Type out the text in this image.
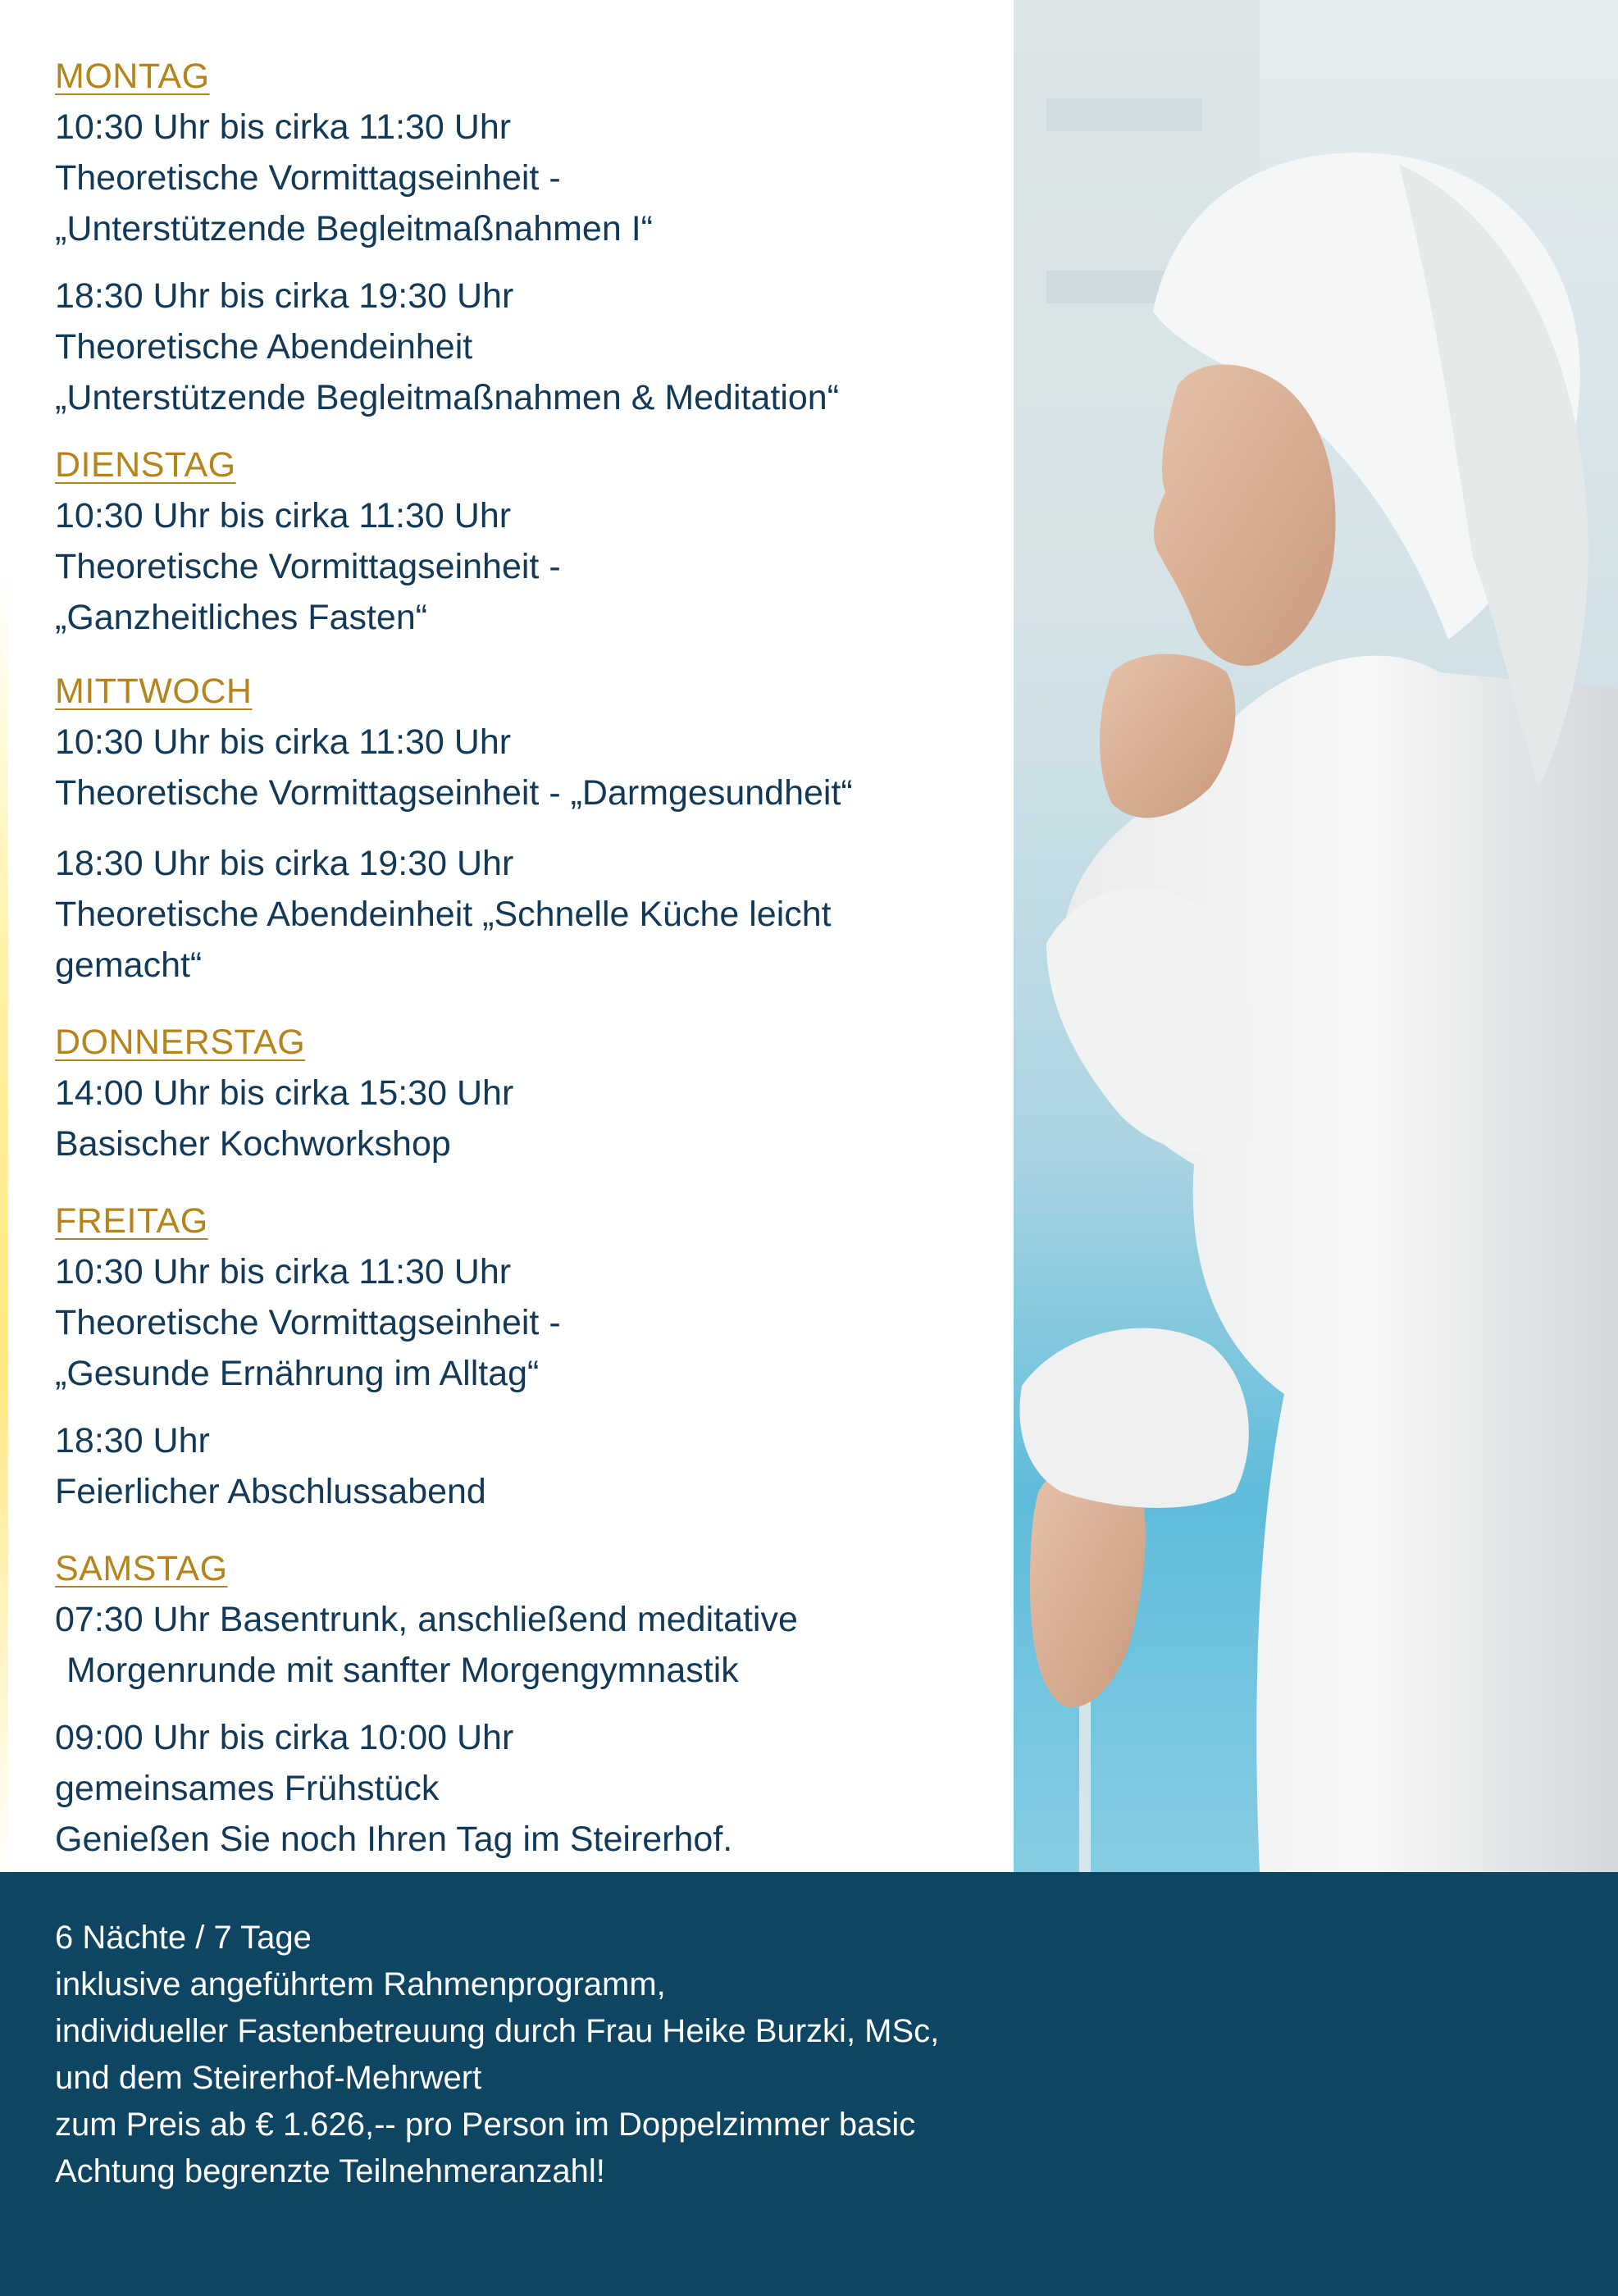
MONTAG
10:30 Uhr bis cirka 11:30 Uhr
Theoretische Vormittagseinheit -
„Unterstützende Begleitmaßnahmen I“
18:30 Uhr bis cirka 19:30 Uhr
Theoretische Abendeinheit
„Unterstützende Begleitmaßnahmen & Meditation“
DIENSTAG
10:30 Uhr bis cirka 11:30 Uhr
Theoretische Vormittagseinheit -
„Ganzheitliches Fasten“
MITTWOCH
10:30 Uhr bis cirka 11:30 Uhr
Theoretische Vormittagseinheit - „Darmgesundheit“
18:30 Uhr bis cirka 19:30 Uhr
Theoretische Abendeinheit „Schnelle Küche leicht
gemacht“
DONNERSTAG
14:00 Uhr bis cirka 15:30 Uhr
Basischer Kochworkshop
FREITAG
10:30 Uhr bis cirka 11:30 Uhr
Theoretische Vormittagseinheit -
„Gesunde Ernährung im Alltag“
18:30 Uhr
Feierlicher Abschlussabend
SAMSTAG
07:30 Uhr Basentrunk, anschließend meditative
Morgenrunde mit sanfter Morgengymnastik
09:00 Uhr bis cirka 10:00 Uhr
gemeinsames Frühstück
Genießen Sie noch Ihren Tag im Steirerhof.
6 Nächte / 7 Tage
inklusive angeführtem Rahmenprogramm,
individueller Fastenbetreuung durch Frau Heike Burzki, MSc,
und dem Steirerhof-Mehrwert
zum Preis ab € 1.626,-- pro Person im Doppelzimmer basic
Achtung begrenzte Teilnehmeranzahl!
